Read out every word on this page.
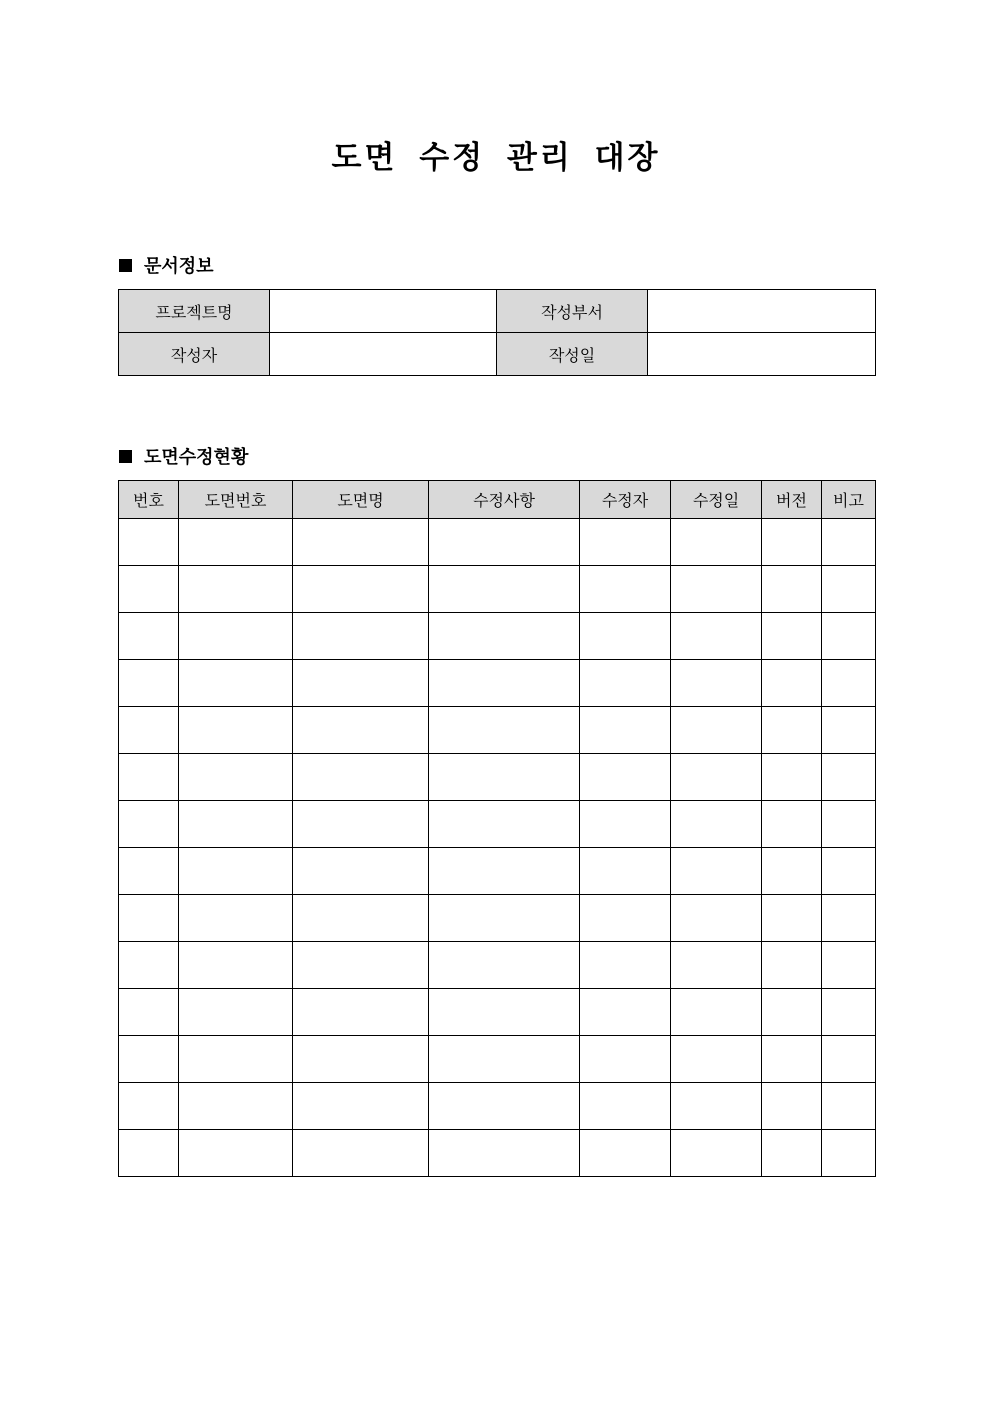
도면 수정 관리 대장
문서정보
프로젝트명		작성부서	
작성자		작성일	
도면수정현황
번호	도면번호	도면명	수정사항	수정자	수정일	버전	비고
